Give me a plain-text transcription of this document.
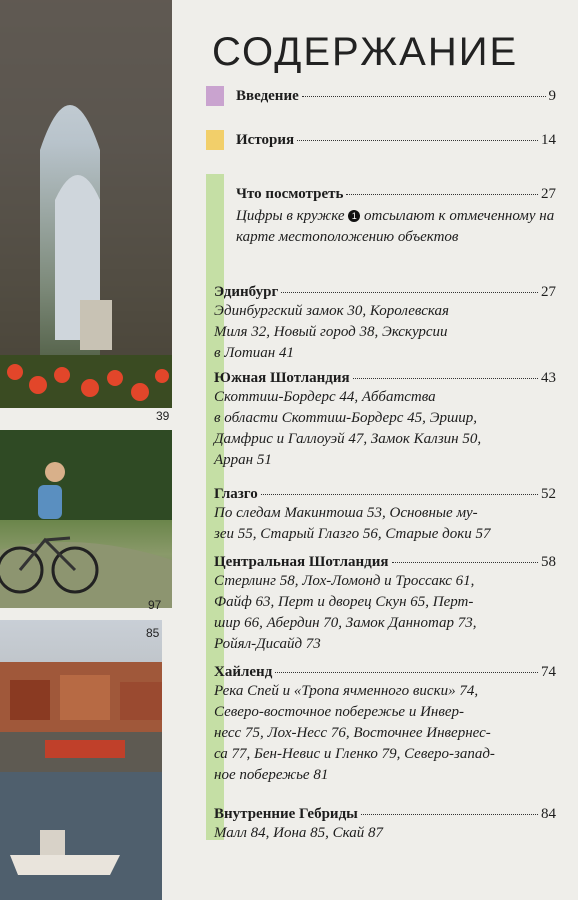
39
97
85
СОДЕРЖАНИЕ
Введение	9
История	14
Что посмотреть	27
Цифры в кружке 1 отсылают к отмеченному на карте местоположению объектов
Эдинбург	27
Эдинбургский замок 30, Королевская
Миля 32, Новый город 38, Экскурсии
в Лотиан 41
Южная Шотландия	43
Скоттиш-Бордерс 44, Аббатства
в области Скоттиш-Бордерс 45, Эршир,
Дамфрис и Галлоуэй 47, Замок Калзин 50,
Арран 51
Глазго	52
По следам Макинтоша 53, Основные му-
зеи 55, Старый Глазго 56, Старые доки 57
Центральная Шотландия	58
Стерлинг 58, Лох-Ломонд и Троссакс 61,
Файф 63, Перт и дворец Скун 65, Перт-
шир 66, Абердин 70, Замок Даннотар 73,
Ройял-Дисайд 73
Хайленд	74
Река Спей и «Тропа ячменного виски» 74,
Северо-восточное побережье и Инвер-
несс 75, Лох-Несс 76, Восточнее Инвернес-
са 77, Бен-Невис и Гленко 79, Северо-запад-
ное побережье 81
Внутренние Гебриды	84
Малл 84, Иона 85, Скай 87
